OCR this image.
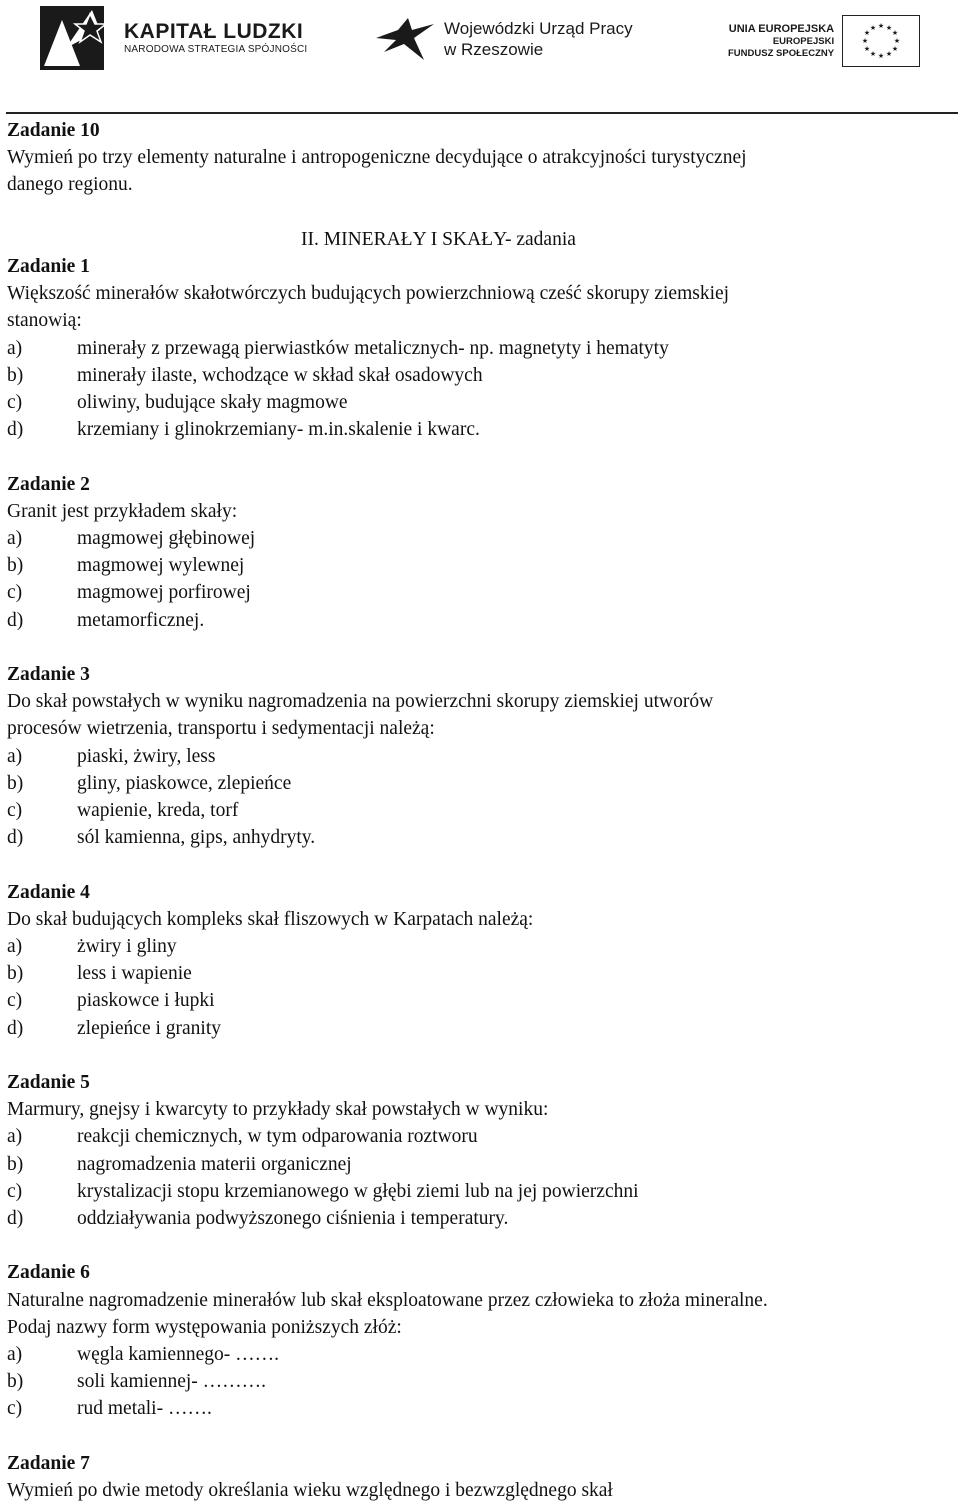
KAPITAŁ LUDZKI
NARODOWA STRATEGIA SPÓJNOŚCI
Wojewódzki Urząd Pracy
w Rzeszowie
UNIA EUROPEJSKA
EUROPEJSKI
FUNDUSZ SPOŁECZNY
★ ★
★
★
★
★
★
★
★
★
★
★

Zadanie 10

Wymień po trzy elementy naturalne i antropogeniczne decydujące o atrakcyjności turystycznej

danego regionu.

II. MINERAŁY I SKAŁY- zadania

Zadanie 1

Większość minerałów skałotwórczych budujących powierzchniową cześć skorupy ziemskiej

stanowią:

a)	minerały z przewagą pierwiastków metalicznych- np. magnetyty i hematyty

b)	minerały ilaste, wchodzące w skład skał osadowych

c)	oliwiny, budujące skały magmowe

d)	krzemiany i glinokrzemiany- m.in.skalenie i kwarc.

Zadanie 2

Granit jest przykładem skały:

a)	magmowej głębinowej

b)	magmowej wylewnej

c)	magmowej porfirowej

d)	metamorficznej.

Zadanie 3

Do skał powstałych w wyniku nagromadzenia na powierzchni skorupy ziemskiej utworów

procesów wietrzenia, transportu i sedymentacji należą:

a)	piaski, żwiry, less

b)	gliny, piaskowce, zlepieńce

c)	wapienie, kreda, torf

d)	sól kamienna, gips, anhydryty.

Zadanie 4

Do skał budujących kompleks skał fliszowych w Karpatach należą:

a)	żwiry i gliny

b)	less i wapienie

c)	piaskowce i łupki

d)	zlepieńce i granity

Zadanie 5

Marmury, gnejsy i kwarcyty to przykłady skał powstałych w wyniku:

a)	reakcji chemicznych, w tym odparowania roztworu

b)	nagromadzenia materii organicznej

c)	krystalizacji stopu krzemianowego w głębi ziemi lub na jej powierzchni

d)	oddziaływania podwyższonego ciśnienia i temperatury.

Zadanie 6

Naturalne nagromadzenie minerałów lub skał eksploatowane przez człowieka to złoża mineralne.

Podaj nazwy form występowania poniższych złóż:

a)	węgla kamiennego- …….

b)	soli kamiennej- ……….

c)	rud metali- …….

Zadanie 7

Wymień po dwie metody określania wieku względnego i bezwzględnego skał
